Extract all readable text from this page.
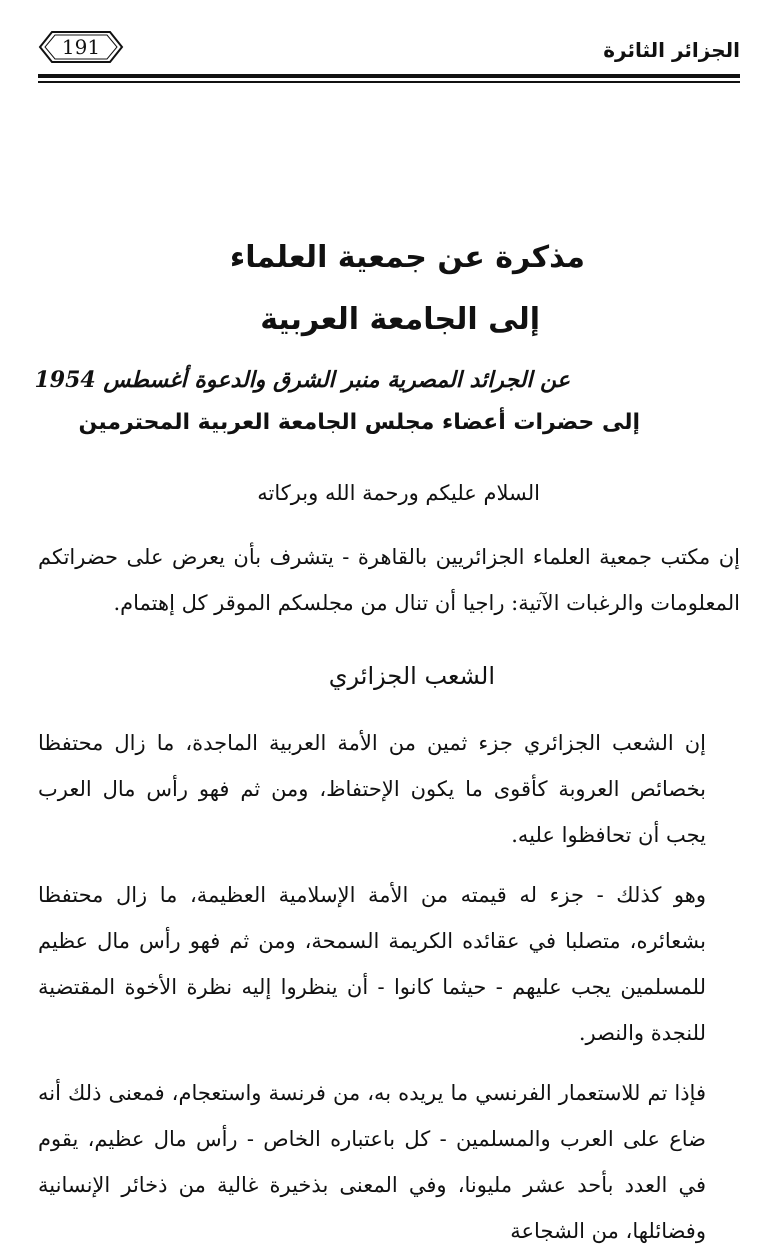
191	الجزائر الثائرة
مذكرة عن جمعية العلماء
إلى الجامعة العربية
عن الجرائد المصرية منبر الشرق والدعوة أغسطس 1954
إلى حضرات أعضاء مجلس الجامعة العربية المحترمين
السلام عليكم ورحمة الله وبركاته

إن مكتب جمعية العلماء الجزائريين بالقاهرة - يتشرف بأن يعرض على حضراتكم المعلومات والرغبات الآتية: راجيا أن تنال من مجلسكم الموقر كل إهتمام.

الشعب الجزائري

إن الشعب الجزائري جزء ثمين من الأمة العربية الماجدة، ما زال محتفظا بخصائص العروبة كأقوى ما يكون الإحتفاظ، ومن ثم فهو رأس مال العرب يجب أن تحافظوا عليه.

وهو كذلك - جزء له قيمته من الأمة الإسلامية العظيمة، ما زال محتفظا بشعائره، متصلبا في عقائده الكريمة السمحة، ومن ثم فهو رأس مال عظيم للمسلمين يجب عليهم - حيثما كانوا - أن ينظروا إليه نظرة الأخوة المقتضية للنجدة والنصر.

فإذا تم للاستعمار الفرنسي ما يريده به، من فرنسة واستعجام، فمعنى ذلك أنه ضاع على العرب والمسلمين - كل باعتباره الخاص - رأس مال عظيم، يقوم في العدد بأحد عشر مليونا، وفي المعنى بذخيرة غالية من ذخائر الإنسانية وفضائلها، من الشجاعة
